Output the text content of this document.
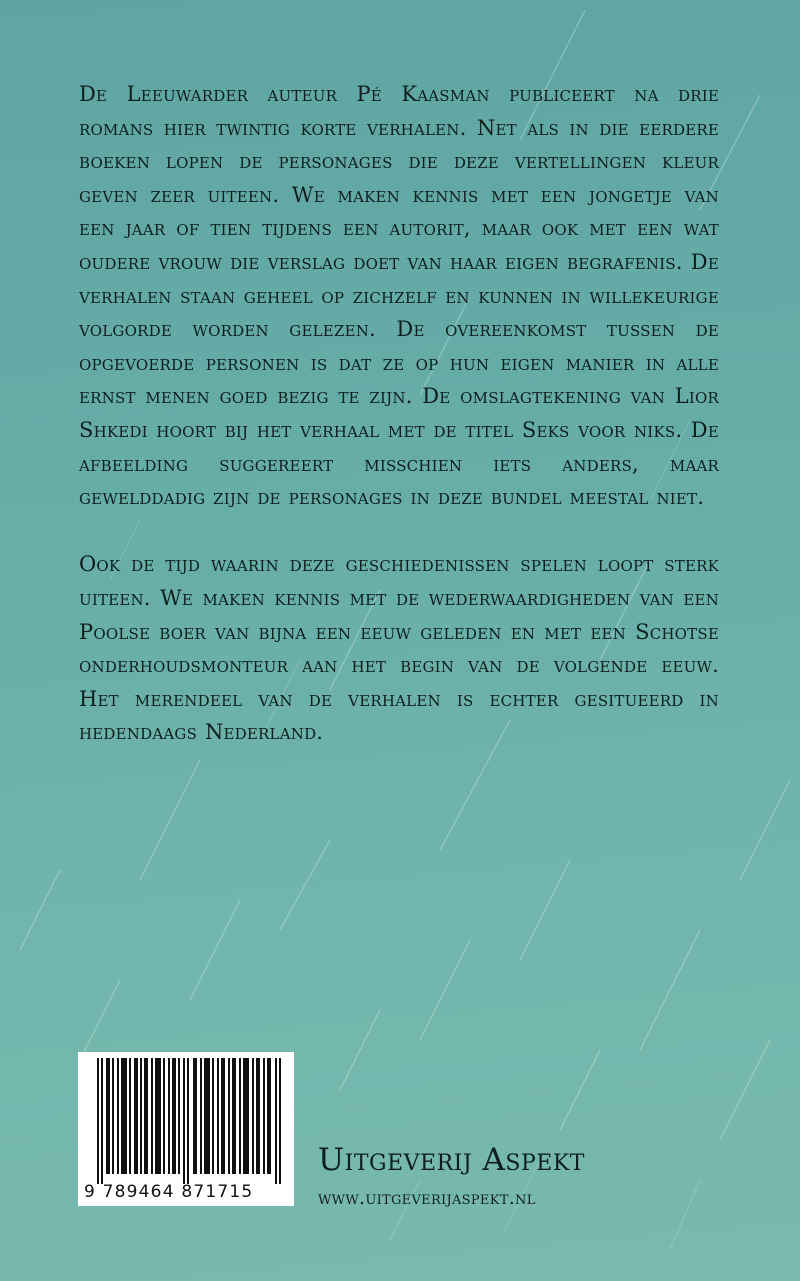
De Leeuwarder auteur Pé Kaasman publiceert na drie romans hier twintig korte verhalen. Net als in die eerdere boeken lopen de personages die deze vertellingen kleur geven zeer uiteen. We maken kennis met een jongetje van een jaar of tien tijdens een autorit, maar ook met een wat oudere vrouw die verslag doet van haar eigen begrafenis. De verhalen staan geheel op zichzelf en kunnen in willekeurige volgorde worden gelezen. De overeenkomst tussen de opgevoerde personen is dat ze op hun eigen manier in alle ernst menen goed bezig te zijn. De omslagtekening van Lior Shkedi hoort bij het verhaal met de titel Seks voor niks. De afbeelding suggereert misschien iets anders, maar gewelddadig zijn de personages in deze bundel meestal niet.

Ook de tijd waarin deze geschiedenissen spelen loopt sterk uiteen. We maken kennis met de wederwaardigheden van een Poolse boer van bijna een eeuw geleden en met een Schotse onderhoudsmonteur aan het begin van de volgende eeuw. Het merendeel van de verhalen is echter gesitueerd in hedendaags Nederland.

9 789464 871715
Uitgeverij Aspekt
www.uitgeverijaspekt.nl
